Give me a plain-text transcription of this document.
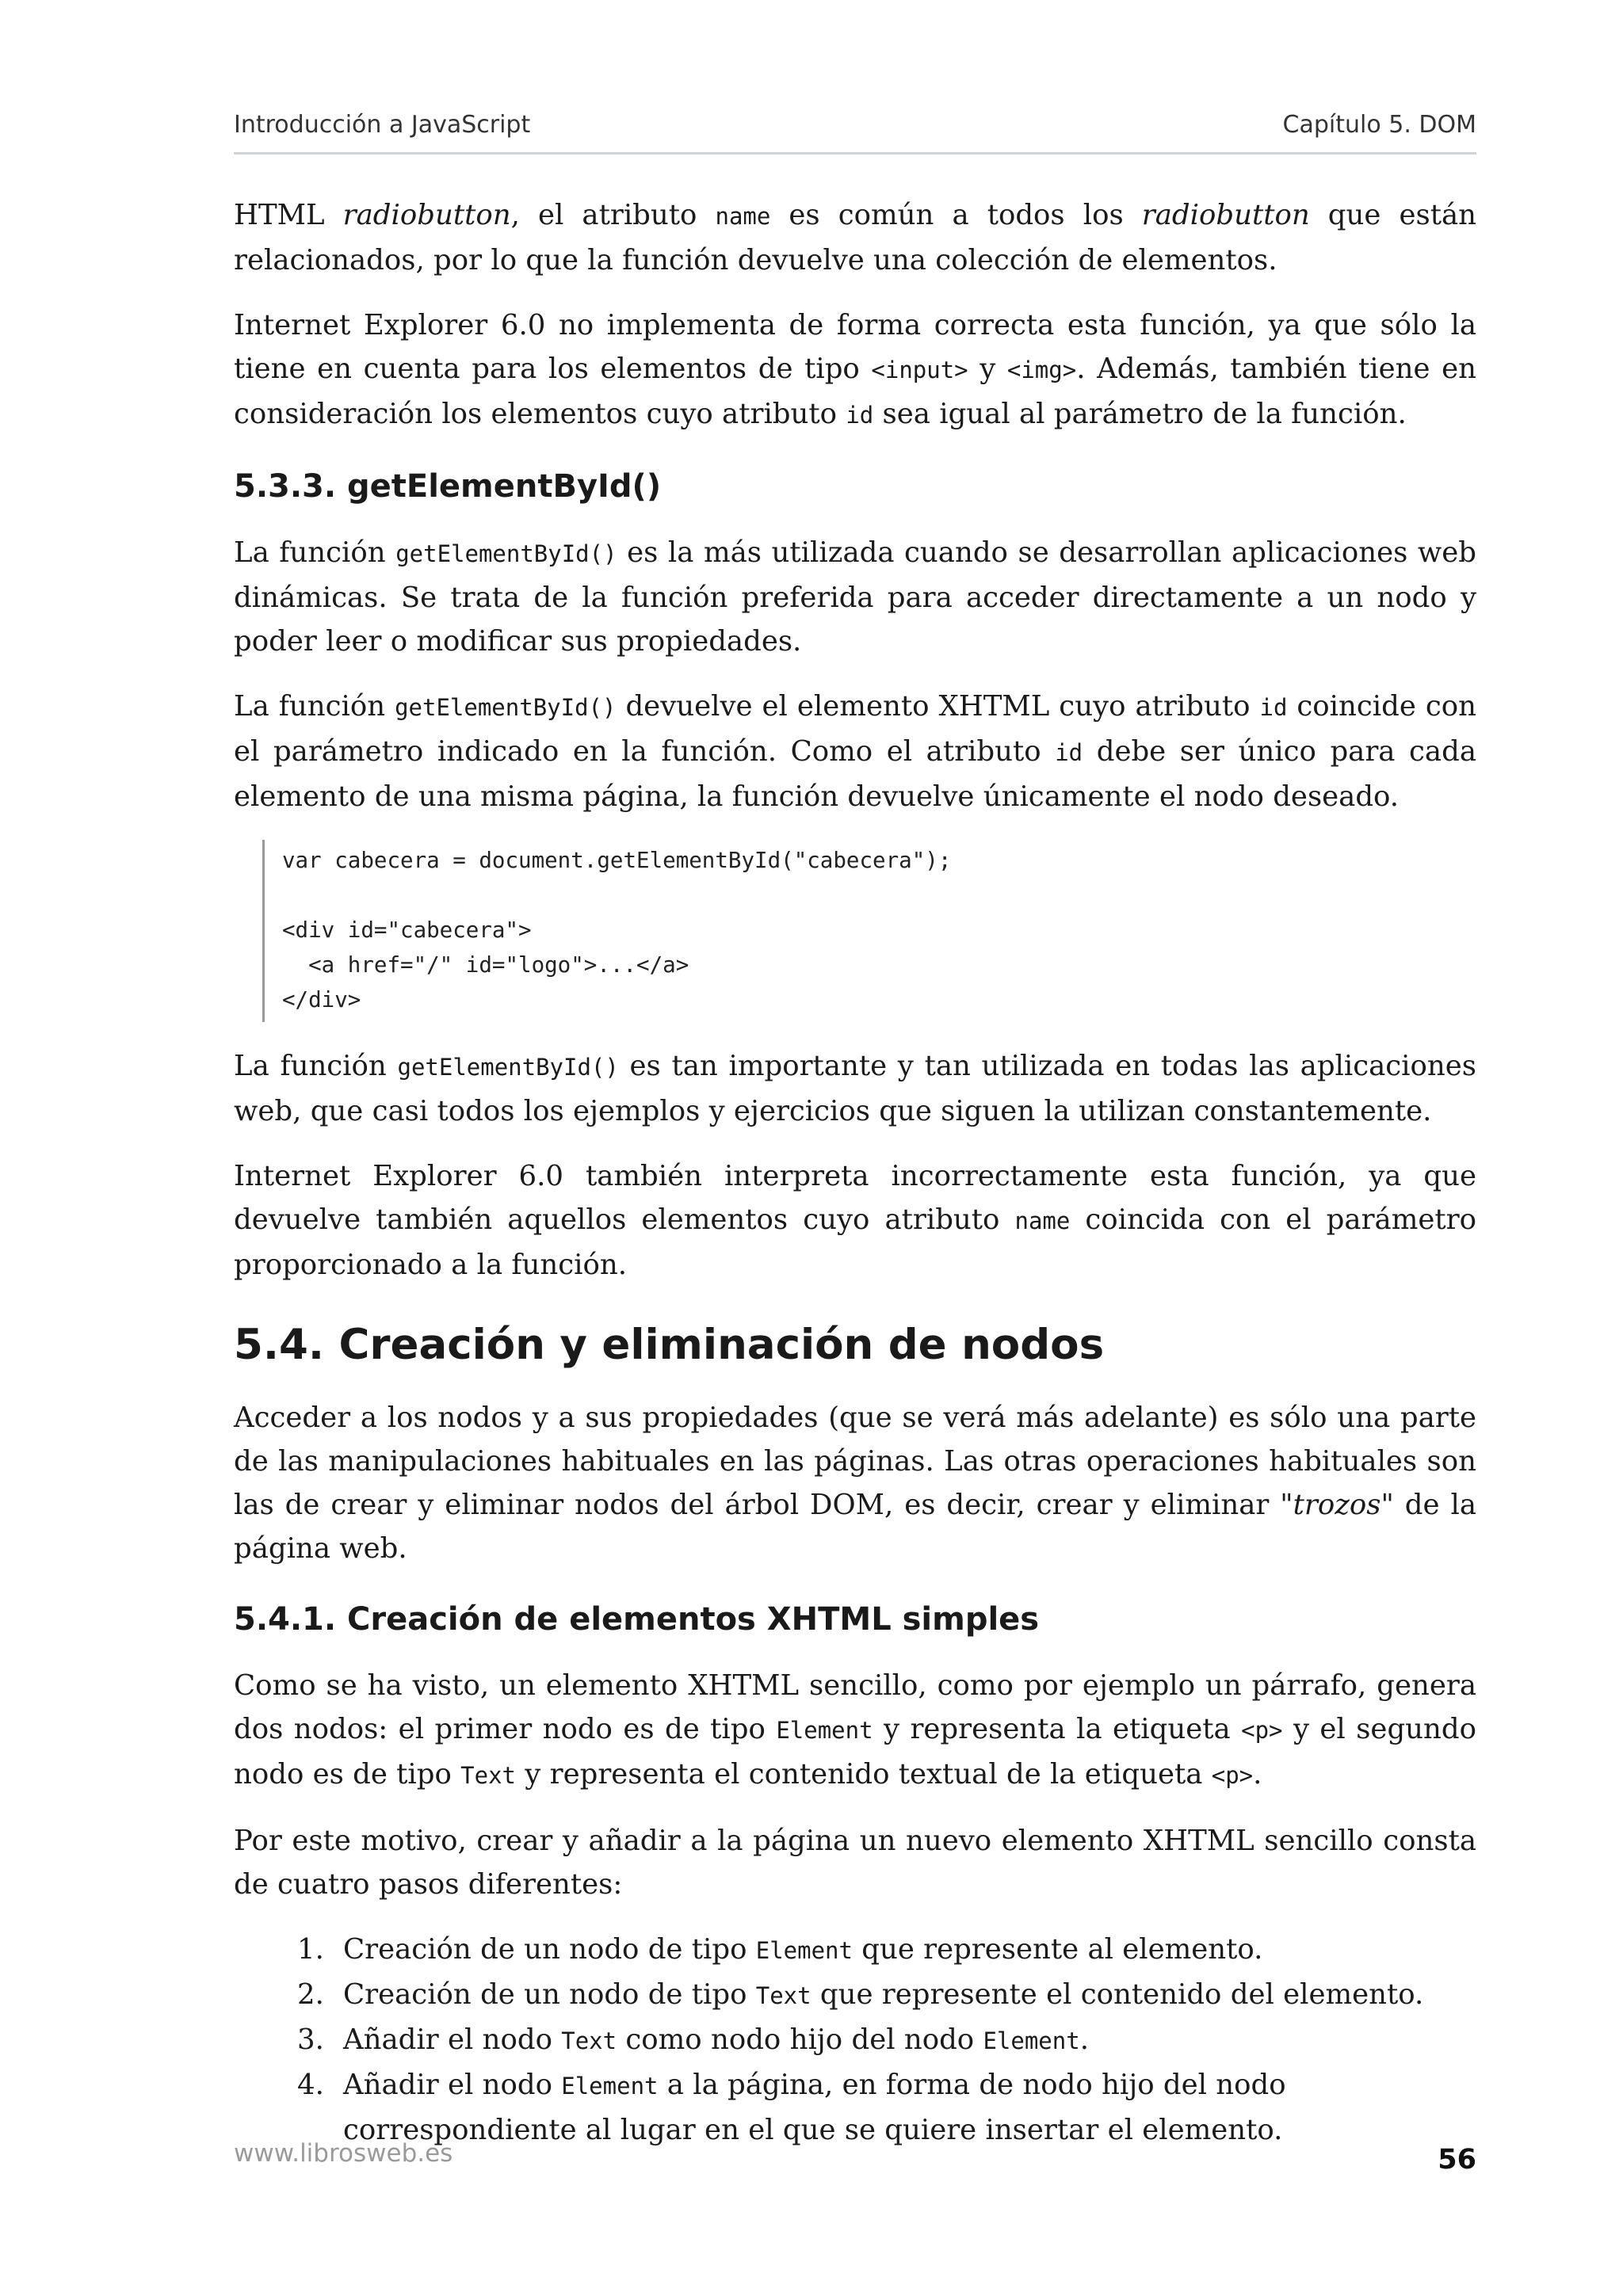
Introducción a JavaScript	Capítulo 5. DOM

HTML radiobutton, el atributo name es común a todos los radiobutton que están relacionados, por lo que la función devuelve una colección de elementos.

Internet Explorer 6.0 no implementa de forma correcta esta función, ya que sólo la tiene en cuenta para los elementos de tipo <input> y <img>. Además, también tiene en consideración los elementos cuyo atributo id sea igual al parámetro de la función.

5.3.3. getElementById()

La función getElementById() es la más utilizada cuando se desarrollan aplicaciones web dinámicas. Se trata de la función preferida para acceder directamente a un nodo y poder leer o modificar sus propiedades.

La función getElementById() devuelve el elemento XHTML cuyo atributo id coincide con el parámetro indicado en la función. Como el atributo id debe ser único para cada elemento de una misma página, la función devuelve únicamente el nodo deseado.

var cabecera = document.getElementById("cabecera");

<div id="cabecera">
<a href="/" id="logo">...</a>
</div>

La función getElementById() es tan importante y tan utilizada en todas las aplicaciones web, que casi todos los ejemplos y ejercicios que siguen la utilizan constantemente.

Internet Explorer 6.0 también interpreta incorrectamente esta función, ya que devuelve también aquellos elementos cuyo atributo name coincida con el parámetro proporcionado a la función.

5.4. Creación y eliminación de nodos

Acceder a los nodos y a sus propiedades (que se verá más adelante) es sólo una parte de las manipulaciones habituales en las páginas. Las otras operaciones habituales son las de crear y eliminar nodos del árbol DOM, es decir, crear y eliminar "trozos" de la página web.

5.4.1. Creación de elementos XHTML simples

Como se ha visto, un elemento XHTML sencillo, como por ejemplo un párrafo, genera dos nodos: el primer nodo es de tipo Element y representa la etiqueta <p> y el segundo nodo es de tipo Text y representa el contenido textual de la etiqueta <p>.

Por este motivo, crear y añadir a la página un nuevo elemento XHTML sencillo consta de cuatro pasos diferentes:

1. Creación de un nodo de tipo Element que represente al elemento.
2. Creación de un nodo de tipo Text que represente el contenido del elemento.
3. Añadir el nodo Text como nodo hijo del nodo Element.
4. Añadir el nodo Element a la página, en forma de nodo hijo del nodo correspondiente al lugar en el que se quiere insertar el elemento.
www.librosweb.es	56
